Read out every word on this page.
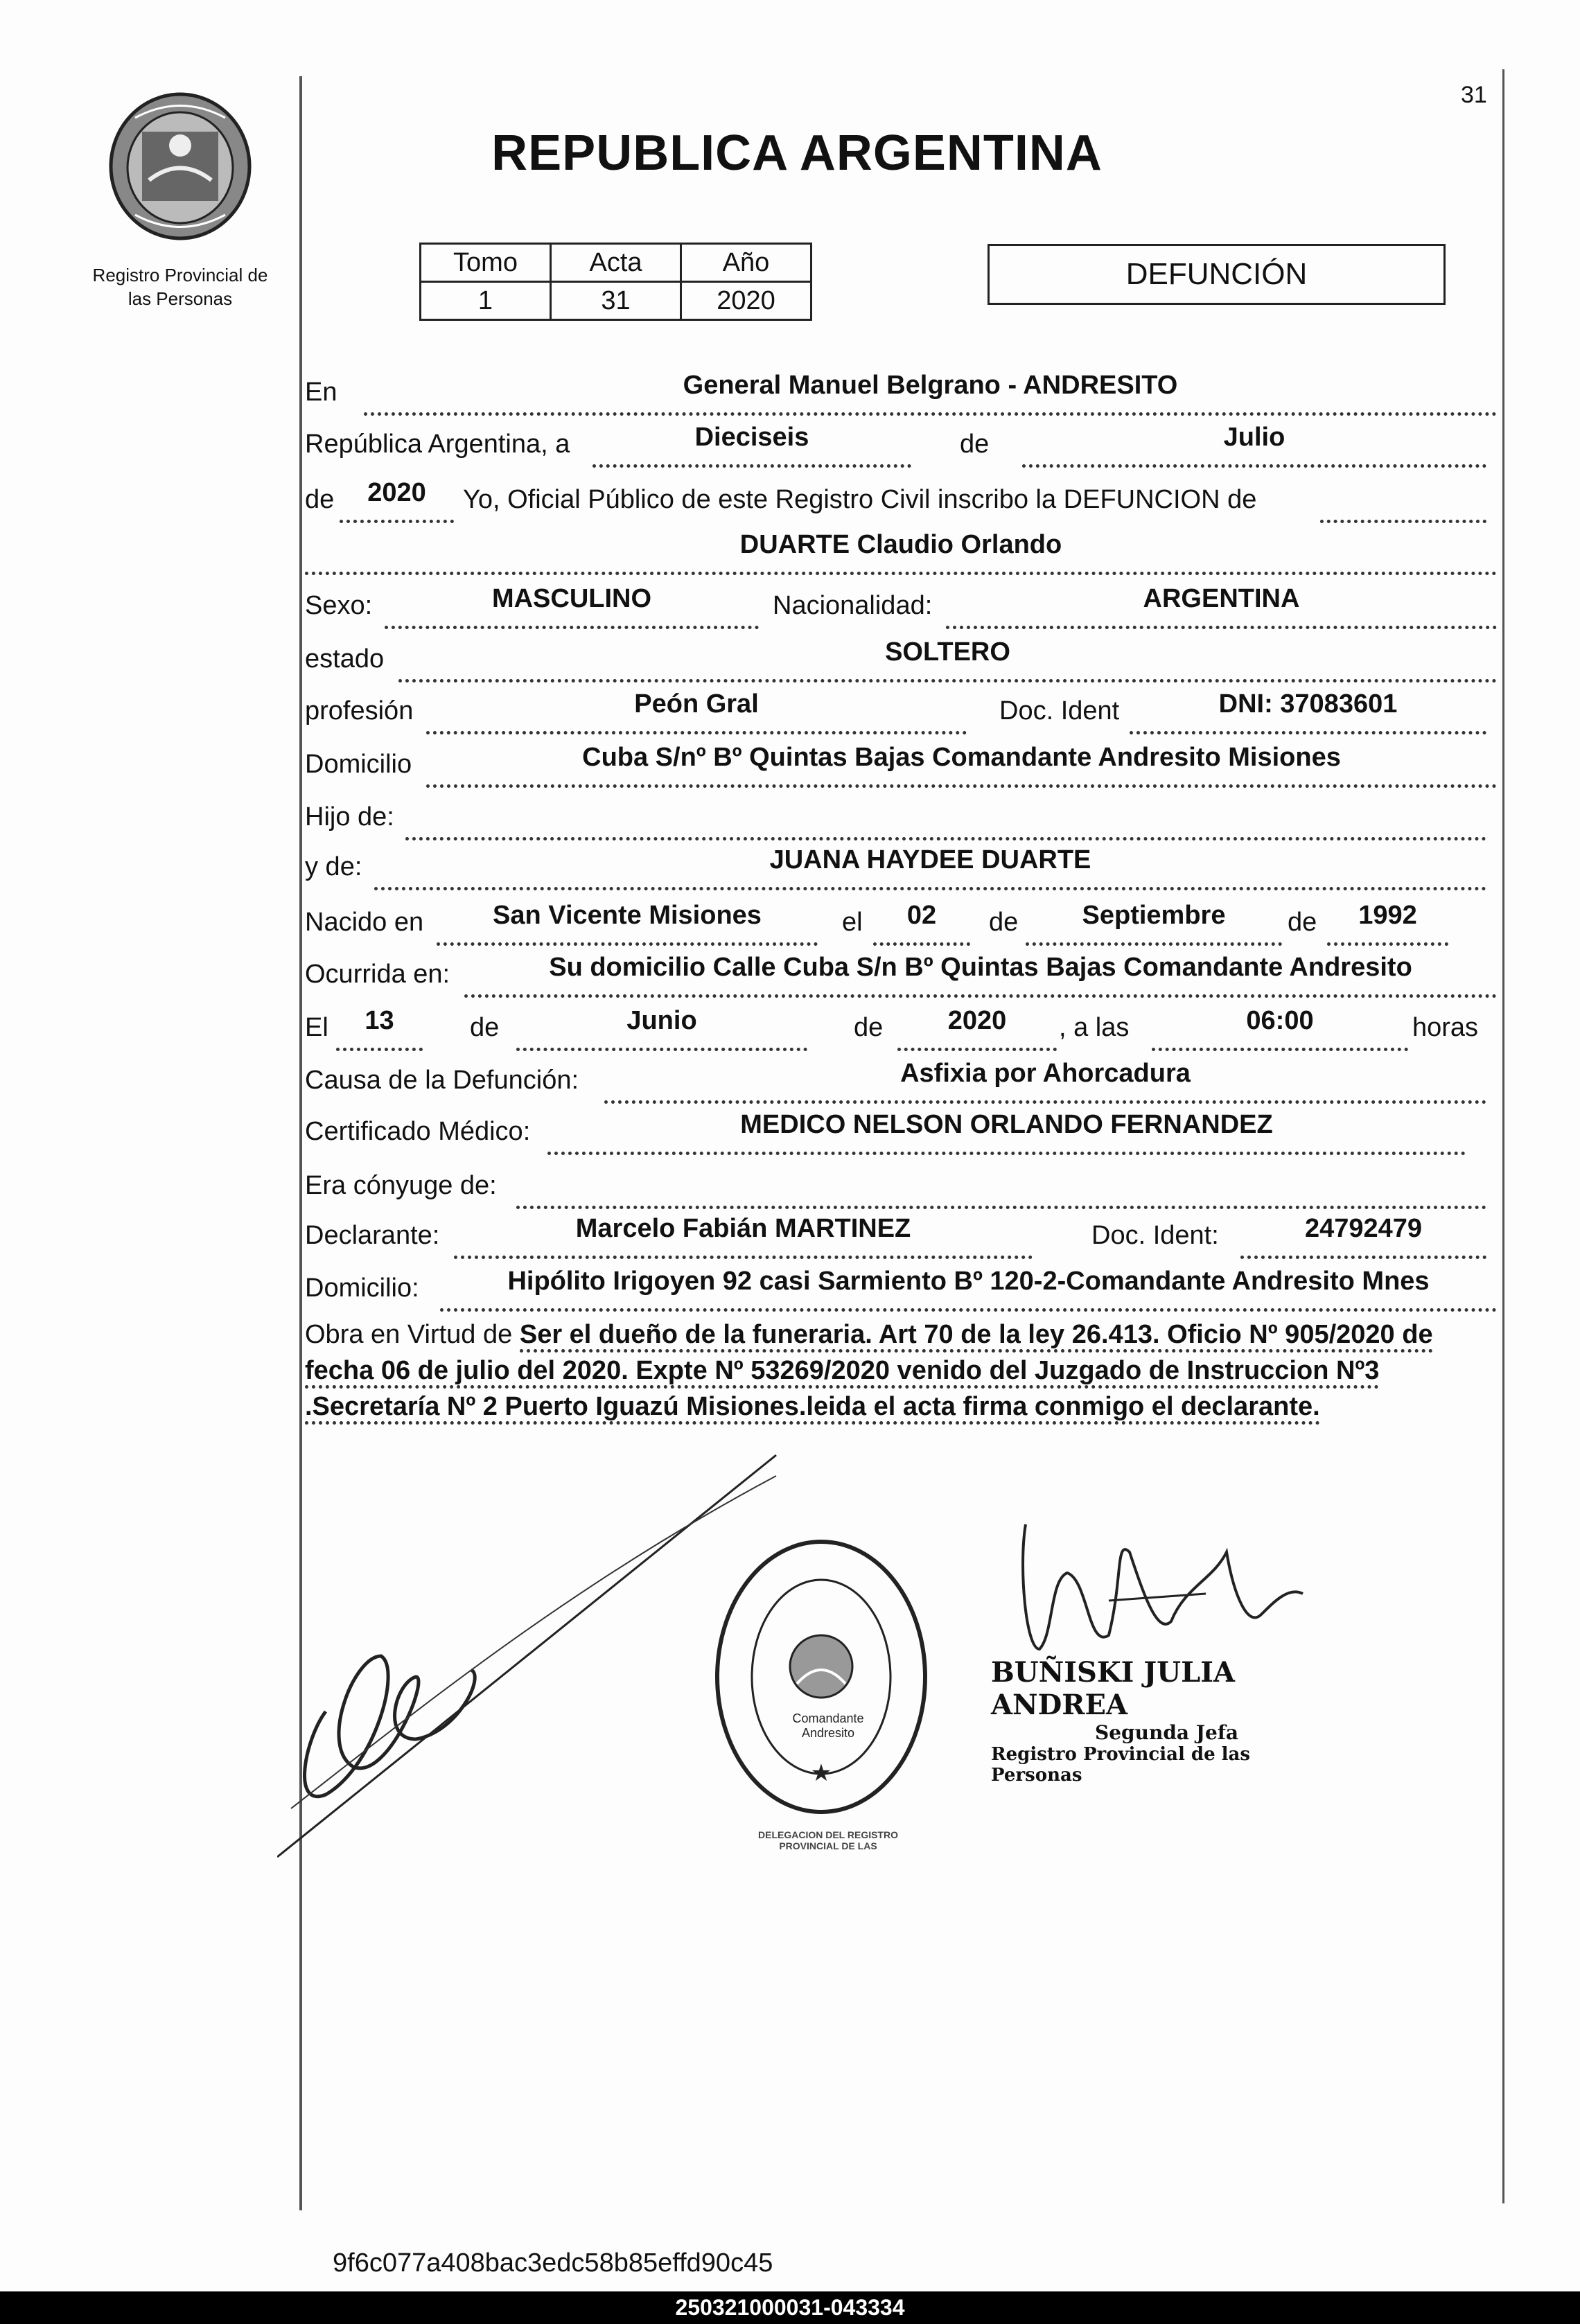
31
Registro Provincial de
las Personas
REPUBLICA ARGENTINA
Tomo	Acta	Año
1	31	2020
DEFUNCIÓN
En	General Manuel Belgrano - ANDRESITO
República Argentina, a	Dieciseis	de	Julio
de	2020	Yo, Oficial Público de este Registro Civil inscribo la DEFUNCION de
DUARTE Claudio Orlando
Sexo:	MASCULINO	Nacionalidad:	ARGENTINA
estado	SOLTERO
profesión	Peón Gral	Doc. Ident	DNI: 37083601
Domicilio	Cuba S/nº Bº Quintas Bajas Comandante Andresito Misiones
Hijo de:
y de:	JUANA HAYDEE DUARTE
Nacido en	San Vicente Misiones	el	02	de	Septiembre	de	1992
Ocurrida en:	Su domicilio Calle Cuba S/n Bº Quintas Bajas Comandante Andresito
El	13	de	Junio	de	2020	, a las	06:00	horas
Causa de la Defunción:	Asfixia por Ahorcadura
Certificado Médico:	MEDICO NELSON ORLANDO FERNANDEZ
Era cónyuge de:
Declarante:	Marcelo Fabián MARTINEZ	Doc. Ident:	24792479
Domicilio:	Hipólito Irigoyen 92 casi Sarmiento Bº 120-2-Comandante Andresito Mnes
Obra en Virtud de Ser el dueño de la funeraria. Art 70 de la ley 26.413. Oficio Nº 905/2020 de fecha 06 de julio del 2020. Expte Nº 53269/2020 venido del Juzgado de Instruccion Nº3 .Secretaría Nº 2 Puerto Iguazú Misiones.leida el acta firma conmigo el declarante.
★
DELEGACION DEL REGISTRO PROVINCIAL DE LAS
Comandante Andresito
BUÑISKI JULIA ANDREA
Segunda Jefa
Registro Provincial de las Personas
9f6c077a408bac3edc58b85effd90c45
250321000031-043334
